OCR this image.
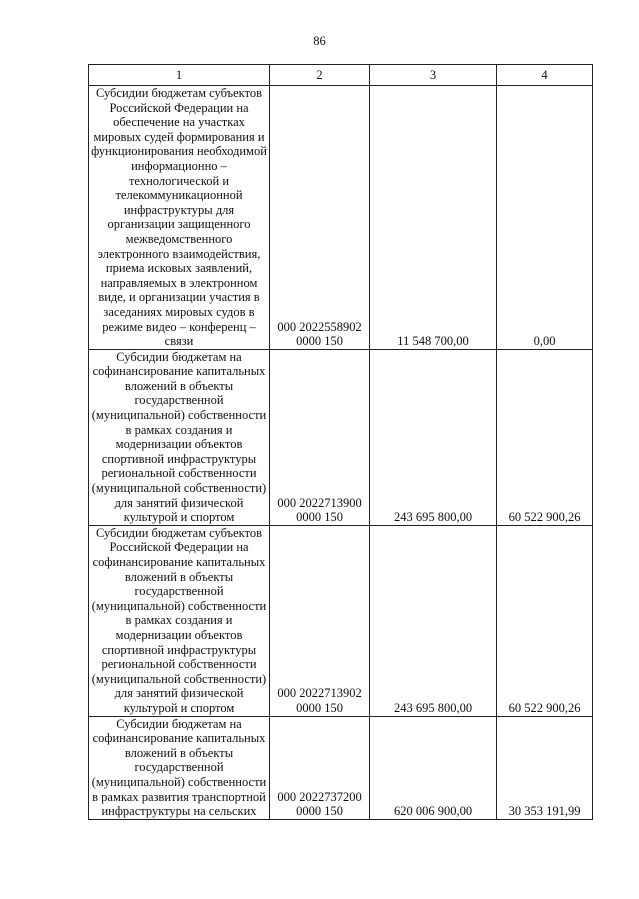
86
1	2	3	4
Субсидии бюджетам субъектов Российской Федерации на обеспечение на участках мировых судей формирования и функционирования необходимой информационно – технологической и телекоммуникационной инфраструктуры для организации защищенного межведомственного электронного взаимодействия, приема исковых заявлений, направляемых в электронном виде, и организации участия в заседаниях мировых судов в режиме видео – конференц – связи	000 2022558902 0000 150	11 548 700,00	0,00
Субсидии бюджетам на софинансирование капитальных вложений в объекты государственной (муниципальной) собственности в рамках создания и модернизации объектов спортивной инфраструктуры региональной собственности (муниципальной собственности) для занятий физической культурой и спортом	000 2022713900 0000 150	243 695 800,00	60 522 900,26
Субсидии бюджетам субъектов Российской Федерации на софинансирование капитальных вложений в объекты государственной (муниципальной) собственности в рамках создания и модернизации объектов спортивной инфраструктуры региональной собственности (муниципальной собственности) для занятий физической культурой и спортом	000 2022713902 0000 150	243 695 800,00	60 522 900,26
Субсидии бюджетам на софинансирование капитальных вложений в объекты государственной (муниципальной) собственности в рамках развития транспортной инфраструктуры на сельских	000 2022737200 0000 150	620 006 900,00	30 353 191,99
